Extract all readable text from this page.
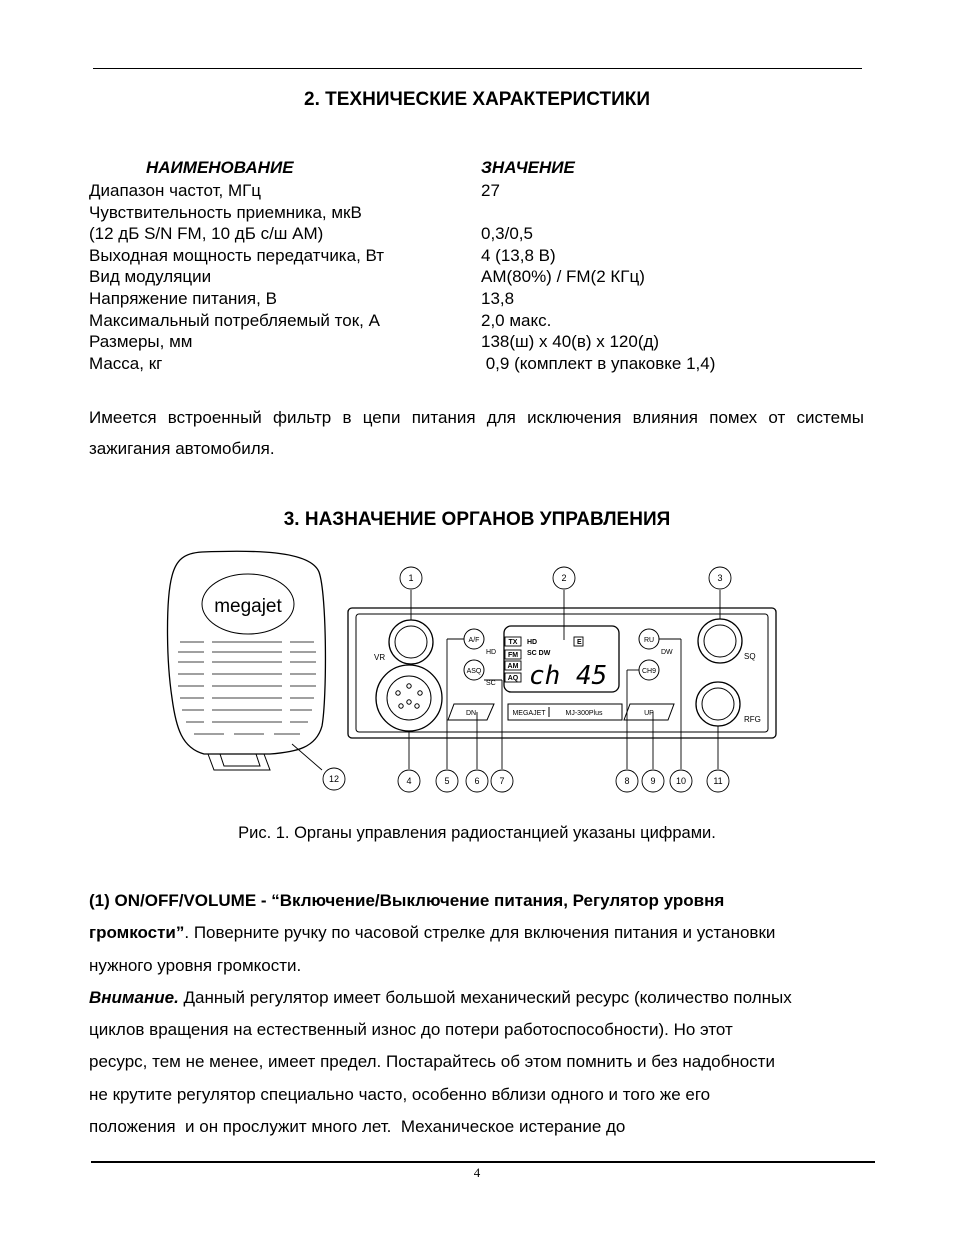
2. ТЕХНИЧЕСКИЕ ХАРАКТЕРИСТИКИ
НАИМЕНОВАНИЕ	ЗНАЧЕНИЕ
Диапазон частот, МГц	27
Чувствительность приемника, мкВ
(12 дБ S/N FM, 10 дБ с/ш АМ)	0,3/0,5
Выходная мощность передатчика, Вт	4 (13,8 В)
Вид модуляции	AM(80%) / FM(2 КГц)
Напряжение питания, В	13,8
Максимальный потребляемый ток, А	2,0 макс.
Размеры, мм	138(ш) х 40(в) х 120(д)
Масса, кг	0,9 (комплект в упаковке 1,4)
Имеется встроенный фильтр в цепи питания для исключения влияния помех от системы зажигания автомобиля.
3. НАЗНАЧЕНИЕ ОРГАНОВ УПРАВЛЕНИЯ
megajet
VR	SQ
RFG
A/F
HD
ASQ
SC
RU
DW
CH9
DN	UP
MEGAJET	MJ-300Plus
TX
FM
AM
AQ
HD	E
SC DW
ch 45
1	2	3
4	5	6 7	8 9 10	11
12
Рис. 1. Органы управления радиостанцией указаны цифрами.

(1) ON/OFF/VOLUME - “Включение/Выключение питания, Регулятор уровня

громкости”. Поверните ручку по часовой стрелке для включения питания и установки

нужного уровня громкости.

Внимание. Данный регулятор имеет большой механический ресурс (количество полных

циклов вращения на естественный износ до потери работоспособности). Но этот

ресурс, тем не менее, имеет предел. Постарайтесь об этом помнить и без надобности

не крутите регулятор специально часто, особенно вблизи одного и того же его

положения  и он прослужит много лет.  Механическое истерание до

4
